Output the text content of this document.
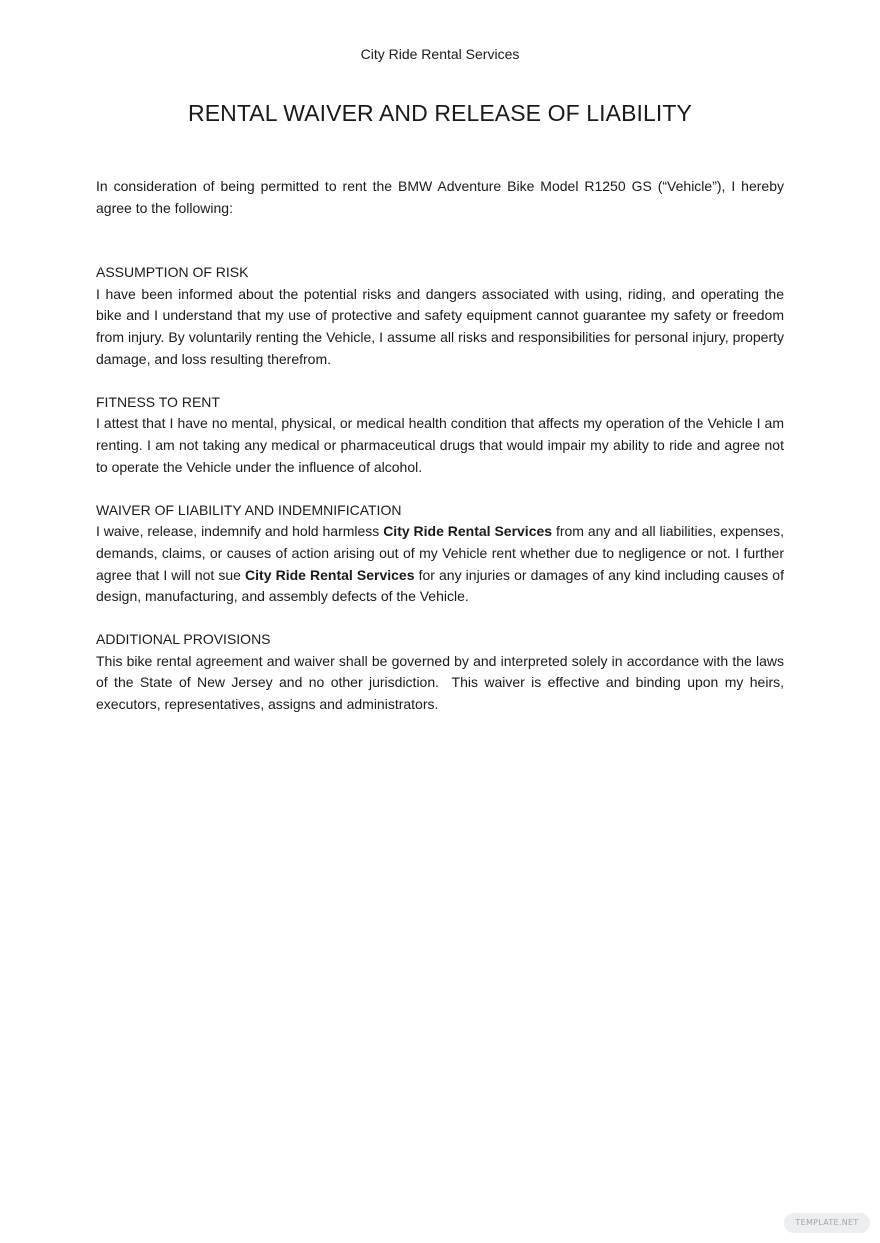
City Ride Rental Services
RENTAL WAIVER AND RELEASE OF LIABILITY

In consideration of being permitted to rent the BMW Adventure Bike Model R1250 GS (“Vehicle”), I hereby agree to the following:

ASSUMPTION OF RISK

I have been informed about the potential risks and dangers associated with using, riding, and operating the bike and I understand that my use of protective and safety equipment cannot guarantee my safety or freedom from injury. By voluntarily renting the Vehicle, I assume all risks and responsibilities for personal injury, property damage, and loss resulting therefrom.

FITNESS TO RENT

I attest that I have no mental, physical, or medical health condition that affects my operation of the Vehicle I am renting. I am not taking any medical or pharmaceutical drugs that would impair my ability to ride and agree not to operate the Vehicle under the influence of alcohol.

WAIVER OF LIABILITY AND INDEMNIFICATION

I waive, release, indemnify and hold harmless City Ride Rental Services from any and all liabilities, expenses, demands, claims, or causes of action arising out of my Vehicle rent whether due to negligence or not. I further agree that I will not sue City Ride Rental Services for any injuries or damages of any kind including causes of design, manufacturing, and assembly defects of the Vehicle.

ADDITIONAL PROVISIONS

This bike rental agreement and waiver shall be governed by and interpreted solely in accordance with the laws of the State of New Jersey and no other jurisdiction.  This waiver is effective and binding upon my heirs, executors, representatives, assigns and administrators.

TEMPLATE.NET
